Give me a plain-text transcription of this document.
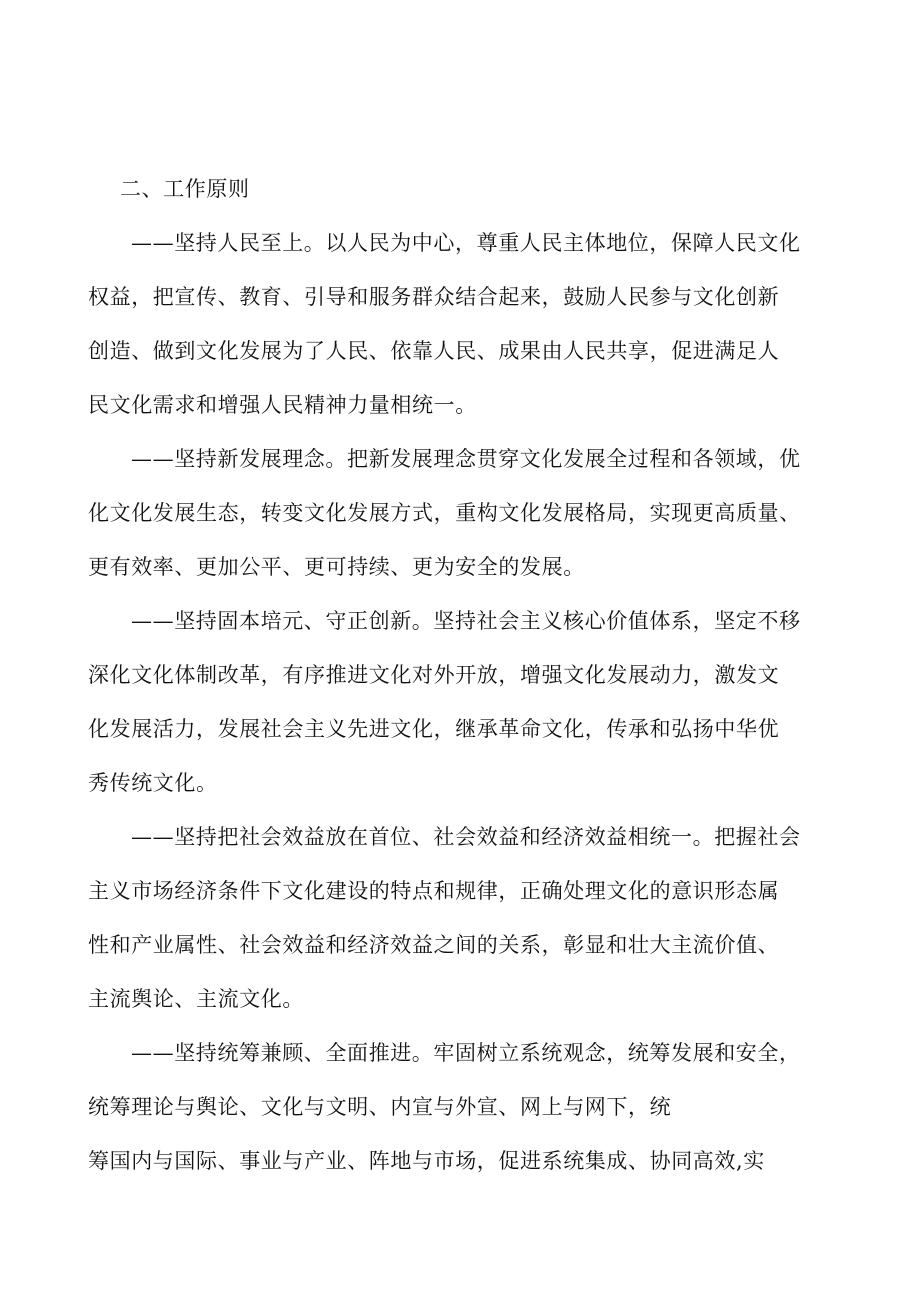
二、工作原则
——坚持人民至上。以人民为中心，尊重人民主体地位，保障人民文化
权益，把宣传、教育、引导和服务群众结合起来，鼓励人民参与文化创新
创造、做到文化发展为了人民、依靠人民、成果由人民共享，促进满足人
民文化需求和增强人民精神力量相统一。
——坚持新发展理念。把新发展理念贯穿文化发展全过程和各领域，优
化文化发展生态，转变文化发展方式，重构文化发展格局，实现更高质量、
更有效率、更加公平、更可持续、更为安全的发展。
——坚持固本培元、守正创新。坚持社会主义核心价值体系，坚定不移
深化文化体制改革，有序推进文化对外开放，增强文化发展动力，激发文
化发展活力，发展社会主义先进文化，继承革命文化，传承和弘扬中华优
秀传统文化。
——坚持把社会效益放在首位、社会效益和经济效益相统一。把握社会
主义市场经济条件下文化建设的特点和规律，正确处理文化的意识形态属
性和产业属性、社会效益和经济效益之间的关系，彰显和壮大主流价值、
主流舆论、主流文化。
——坚持统筹兼顾、全面推进。牢固树立系统观念，统筹发展和安全，
统筹理论与舆论、文化与文明、内宣与外宣、网上与网下，统
筹国内与国际、事业与产业、阵地与市场，促进系统集成、协同高效,实
